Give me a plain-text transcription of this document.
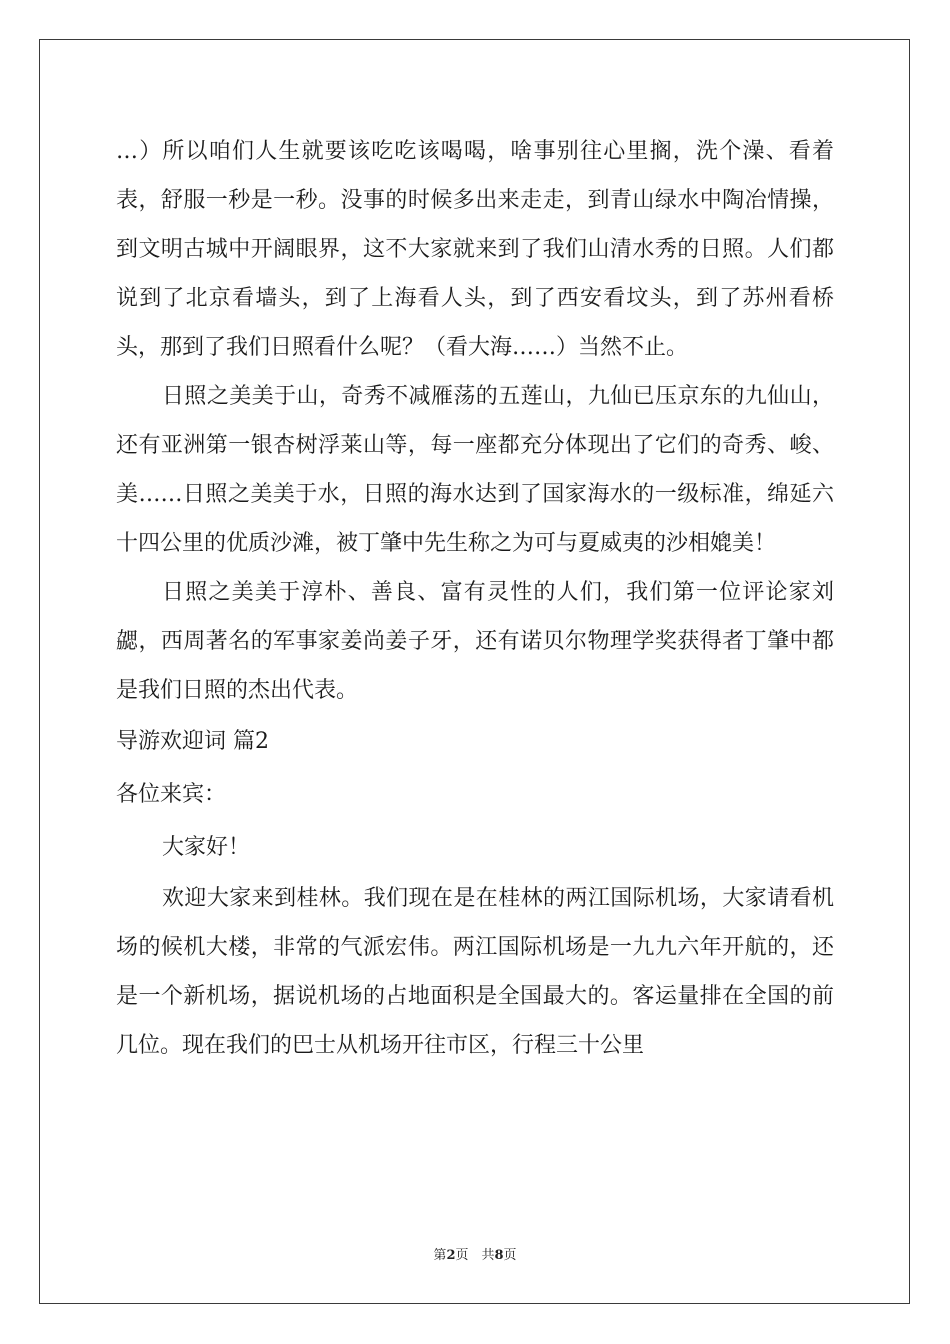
…）所以咱们人生就要该吃吃该喝喝，啥事别往心里搁，洗个澡、看着表，舒服一秒是一秒。没事的时候多出来走走，到青山绿水中陶冶情操，到文明古城中开阔眼界，这不大家就来到了我们山清水秀的日照。人们都说到了北京看墙头，到了上海看人头，到了西安看坟头，到了苏州看桥头，那到了我们日照看什么呢？（看大海……）当然不止。

日照之美美于山，奇秀不减雁荡的五莲山，九仙已压京东的九仙山，还有亚洲第一银杏树浮莱山等，每一座都充分体现出了它们的奇秀、峻、美……日照之美美于水，日照的海水达到了国家海水的一级标准，绵延六十四公里的优质沙滩，被丁肇中先生称之为可与夏威夷的沙相媲美！

日照之美美于淳朴、善良、富有灵性的人们，我们第一位评论家刘勰，西周著名的军事家姜尚姜子牙，还有诺贝尔物理学奖获得者丁肇中都是我们日照的杰出代表。

导游欢迎词 篇2

各位来宾：

大家好！

欢迎大家来到桂林。我们现在是在桂林的两江国际机场，大家请看机场的候机大楼，非常的气派宏伟。两江国际机场是一九九六年开航的，还是一个新机场，据说机场的占地面积是全国最大的。客运量排在全国的前几位。现在我们的巴士从机场开往市区，行程三十公里

第2页　共8页
